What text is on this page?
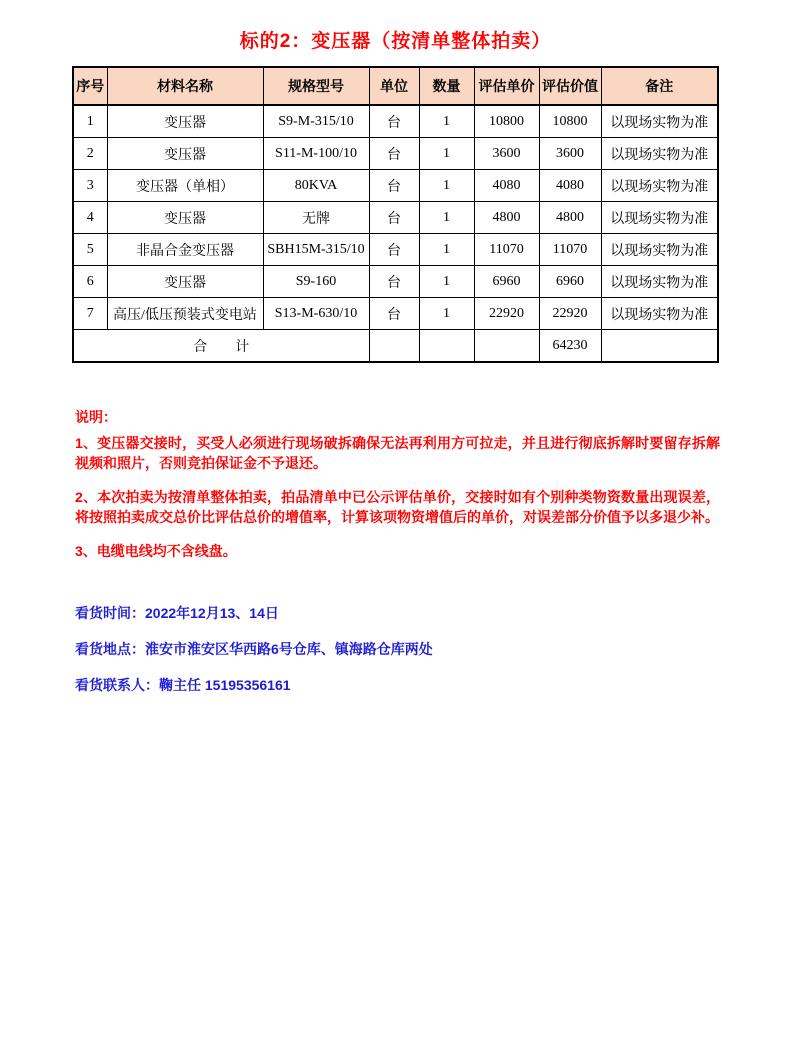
标的2：变压器（按清单整体拍卖）
序号	材料名称	规格型号	单位	数量	评估单价	评估价值	备注
1	变压器	S9-M-315/10	台	1	10800	10800	以现场实物为准
2	变压器	S11-M-100/10	台	1	3600	3600	以现场实物为准
3	变压器（单相）	80KVA	台	1	4080	4080	以现场实物为准
4	变压器	无牌	台	1	4800	4800	以现场实物为准
5	非晶合金变压器	SBH15M-315/10	台	1	11070	11070	以现场实物为准
6	变压器	S9-160	台	1	6960	6960	以现场实物为准
7	高压/低压预装式变电站	S13-M-630/10	台	1	22920	22920	以现场实物为准
合　　计						64230	

说明：

1、变压器交接时，买受人必须进行现场破拆确保无法再利用方可拉走，并且进行彻底拆解时要留存拆解视频和照片，否则竞拍保证金不予退还。

2、本次拍卖为按清单整体拍卖，拍品清单中已公示评估单价，交接时如有个别种类物资数量出现误差，将按照拍卖成交总价比评估总价的增值率，计算该项物资增值后的单价，对误差部分价值予以多退少补。

3、电缆电线均不含线盘。

看货时间：2022年12月13、14日

看货地点：淮安市淮安区华西路6号仓库、镇海路仓库两处

看货联系人：鞠主任 15195356161
